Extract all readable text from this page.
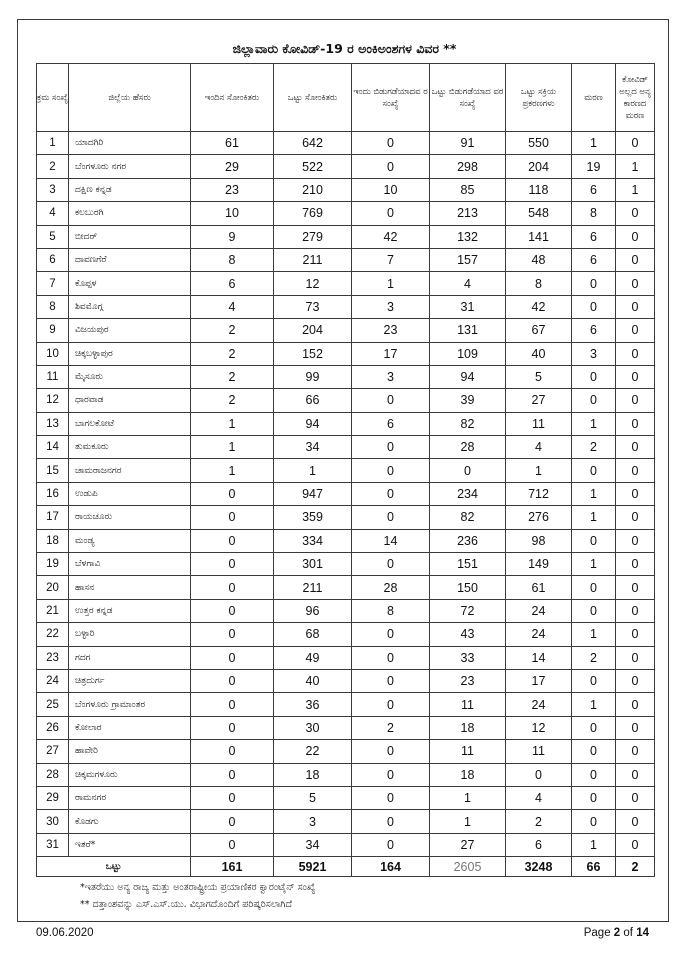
ಜಿಲ್ಲಾವಾರು ಕೋವಿಡ್-19 ರ ಅಂಕಿಅಂಶಗಳ ವಿವರ **
ಕ್ರಮ ಸಂಖ್ಯೆ	ಜಿಲ್ಲೆಯ ಹೆಸರು	ಇಂದಿನ ಸೋಂಕಿತರು	ಒಟ್ಟು ಸೋಂಕಿತರು	ಇಂದು ಬಿಡುಗಡೆಯಾದವ ರ ಸಂಖ್ಯೆ	ಒಟ್ಟು ಬಿಡುಗಡೆಯಾದ ವರ ಸಂಖ್ಯೆ	ಒಟ್ಟು ಸಕ್ರಿಯ ಪ್ರಕರಣಗಳು	ಮರಣ	ಕೋವಿಡ್ ಅಲ್ಲದ ಅನ್ಯ ಕಾರಣದ ಮರಣ
1	ಯಾದಗಿರಿ	61	642	0	91	550	1	0
2	ಬೆಂಗಳೂರು ನಗರ	29	522	0	298	204	19	1
3	ದಕ್ಷಿಣ ಕನ್ನಡ	23	210	10	85	118	6	1
4	ಕಲಬುರಗಿ	10	769	0	213	548	8	0
5	ಬೀದರ್	9	279	42	132	141	6	0
6	ದಾವಣಗೆರೆ	8	211	7	157	48	6	0
7	ಕೊಪ್ಪಳ	6	12	1	4	8	0	0
8	ಶಿವಮೊಗ್ಗ	4	73	3	31	42	0	0
9	ವಿಜಯಪುರ	2	204	23	131	67	6	0
10	ಚಿಕ್ಕಬಳ್ಳಾಪುರ	2	152	17	109	40	3	0
11	ಮೈಸೂರು	2	99	3	94	5	0	0
12	ಧಾರವಾಡ	2	66	0	39	27	0	0
13	ಬಾಗಲಕೋಟೆ	1	94	6	82	11	1	0
14	ತುಮಕೂರು	1	34	0	28	4	2	0
15	ಚಾಮರಾಜನಗರ	1	1	0	0	1	0	0
16	ಉಡುಪಿ	0	947	0	234	712	1	0
17	ರಾಯಚೂರು	0	359	0	82	276	1	0
18	ಮಂಡ್ಯ	0	334	14	236	98	0	0
19	ಬೆಳಗಾವಿ	0	301	0	151	149	1	0
20	ಹಾಸನ	0	211	28	150	61	0	0
21	ಉತ್ತರ ಕನ್ನಡ	0	96	8	72	24	0	0
22	ಬಳ್ಳಾರಿ	0	68	0	43	24	1	0
23	ಗದಗ	0	49	0	33	14	2	0
24	ಚಿತ್ರದುರ್ಗ	0	40	0	23	17	0	0
25	ಬೆಂಗಳೂರು ಗ್ರಾಮಾಂತರ	0	36	0	11	24	1	0
26	ಕೋಲಾರ	0	30	2	18	12	0	0
27	ಹಾವೇರಿ	0	22	0	11	11	0	0
28	ಚಿಕ್ಕಮಗಳೂರು	0	18	0	18	0	0	0
29	ರಾಮನಗರ	0	5	0	1	4	0	0
30	ಕೊಡಗು	0	3	0	1	2	0	0
31	ಇತರೆ*	0	34	0	27	6	1	0
ಒಟ್ಟು		161	5921	164	2605	3248	66	2
*ಇತರೆಯು ಅನ್ಯ ರಾಜ್ಯ ಮತ್ತು ಅಂತರಾಷ್ಟ್ರೀಯ ಪ್ರಯಾಣಿಕರ ಕ್ವಾರಂಟೈನ್ ಸಂಖ್ಯೆ
** ದತ್ತಾಂಶವನ್ನು ಎಸ್.ಎಸ್.ಯು. ವಿಭಾಗದೊಂದಿಗೆ ಪರಿಷ್ಕರಿಸಲಾಗಿದೆ
09.06.2020	Page 2 of 14
